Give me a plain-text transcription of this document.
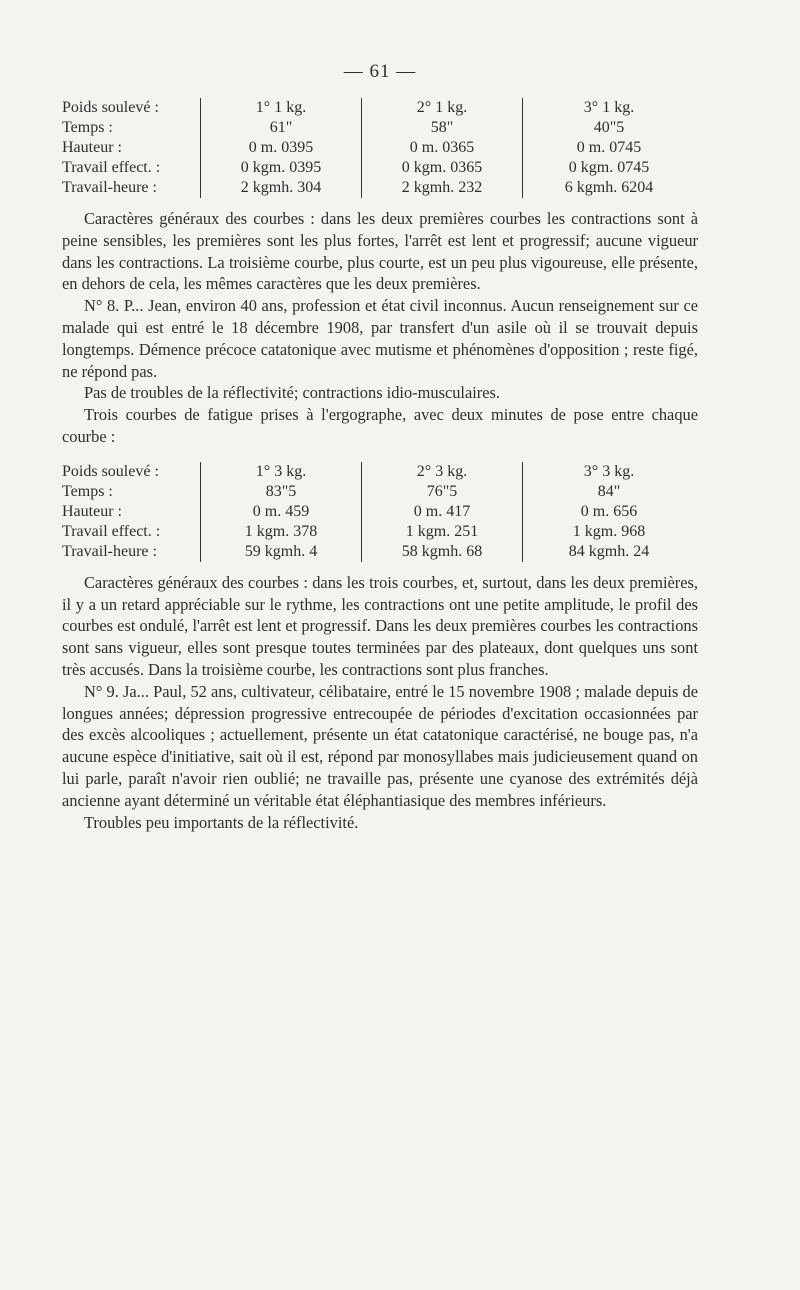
— 61 —
Poids soulevé :	1° 1 kg.	2° 1 kg.	3° 1 kg.
Temps :	61"	58"	40"5
Hauteur :	0 m. 0395	0 m. 0365	0 m. 0745
Travail effect. :	0 kgm. 0395	0 kgm. 0365	0 kgm. 0745
Travail-heure :	2 kgmh. 304	2 kgmh. 232	6 kgmh. 6204

Caractères généraux des courbes : dans les deux premières courbes les contractions sont à peine sensibles, les premières sont les plus fortes, l'arrêt est lent et progressif; aucune vigueur dans les contractions. La troisième courbe, plus courte, est un peu plus vigoureuse, elle présente, en dehors de cela, les mêmes caractères que les deux premières.

N° 8. P... Jean, environ 40 ans, profession et état civil inconnus. Aucun renseignement sur ce malade qui est entré le 18 décembre 1908, par transfert d'un asile où il se trouvait depuis longtemps. Démence précoce catatonique avec mutisme et phénomènes d'opposition ; reste figé, ne répond pas.

Pas de troubles de la réflectivité; contractions idio-musculaires.

Trois courbes de fatigue prises à l'ergographe, avec deux minutes de pose entre chaque courbe :

Poids soulevé :	1° 3 kg.	2° 3 kg.	3° 3 kg.
Temps :	83"5	76"5	84"
Hauteur :	0 m. 459	0 m. 417	0 m. 656
Travail effect. :	1 kgm. 378	1 kgm. 251	1 kgm. 968
Travail-heure :	59 kgmh. 4	58 kgmh. 68	84 kgmh. 24

Caractères généraux des courbes : dans les trois courbes, et, surtout, dans les deux premières, il y a un retard appréciable sur le rythme, les contractions ont une petite amplitude, le profil des courbes est ondulé, l'arrêt est lent et progressif. Dans les deux premières courbes les contractions sont sans vigueur, elles sont presque toutes terminées par des plateaux, dont quelques uns sont très accusés. Dans la troisième courbe, les contractions sont plus franches.

N° 9. Ja... Paul, 52 ans, cultivateur, célibataire, entré le 15 novembre 1908 ; malade depuis de longues années; dépression progressive entrecoupée de périodes d'excitation occasionnées par des excès alcooliques ; actuellement, présente un état catatonique caractérisé, ne bouge pas, n'a aucune espèce d'initiative, sait où il est, répond par monosyllabes mais judicieusement quand on lui parle, paraît n'avoir rien oublié; ne travaille pas, présente une cyanose des extrémités déjà ancienne ayant déterminé un véritable état éléphantiasique des membres inférieurs.

Troubles peu importants de la réflectivité.
